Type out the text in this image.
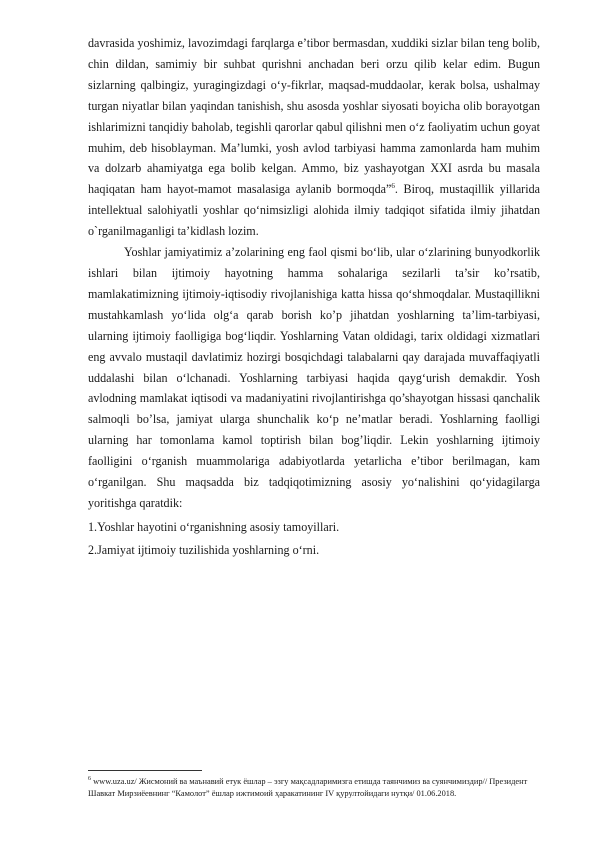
davrasida yoshimiz, lavozimdagi farqlarga e’tibor bermasdan, xuddiki sizlar bilan teng bolib, chin dildan, samimiy bir suhbat qurishni anchadan beri orzu qilib kelar edim. Bugun sizlarning qalbingiz, yuragingizdagi o‘y-fikrlar, maqsad-muddaolar, kerak bolsa, ushalmay turgan niyatlar bilan yaqindan tanishish, shu asosda yoshlar siyosati boyicha olib borayotgan ishlarimizni tanqidiy baholab, tegishli qarorlar qabul qilishni men o‘z faoliyatim uchun goyat muhim, deb hisoblayman. Ma’lumki, yosh avlod tarbiyasi hamma zamonlarda ham muhim va dolzarb ahamiyatga ega bolib kelgan. Ammo, biz yashayotgan XXI asrda bu masala haqiqatan ham hayot-mamot masalasiga aylanib bormoqda”$^6$. Biroq, mustaqillik yillarida intellektual salohiyatli yoshlar qo‘nimsizligi alohida ilmiy tadqiqot sifatida ilmiy jihatdan o`rganilmaganligi ta’kidlash lozim.

Yoshlar jamiyatimiz a’zolarining eng faol qismi bo‘lib, ular o‘zlarining bunyodkorlik ishlari bilan ijtimoiy hayotning hamma sohalariga sezilarli ta’sir ko’rsatib, mamlakatimizning ijtimoiy-iqtisodiy rivojlanishiga katta hissa qo‘shmoqdalar. Mustaqillikni mustahkamlash yo‘lida olg‘a qarab borish ko’p jihatdan yoshlarning ta’lim-tarbiyasi, ularning ijtimoiy faolligiga bog‘liqdir. Yoshlarning Vatan oldidagi, tarix oldidagi xizmatlari eng avvalo mustaqil davlatimiz hozirgi bosqichdagi talabalarni qay darajada muvaffaqiyatli uddalashi bilan o‘lchanadi. Yoshlarning tarbiyasi haqida qayg‘urish demakdir. Yosh avlodning mamlakat iqtisodi va madaniyatini rivojlantirishga qo’shayotgan hissasi qanchalik salmoqli bo’lsa, jamiyat ularga shunchalik ko‘p ne’matlar beradi. Yoshlarning faolligi ularning har tomonlama kamol toptirish bilan bog’liqdir. Lekin yoshlarning ijtimoiy faolligini o‘rganish muammolariga adabiyotlarda yetarlicha e’tibor berilmagan, kam o‘rganilgan. Shu maqsadda biz tadqiqotimizning asosiy yo‘nalishini qo‘yidagilarga yoritishga qaratdik:

1.Yoshlar hayotini o‘rganishning asosiy tamoyillari.

2.Jamiyat ijtimoiy tuzilishida yoshlarning o‘rni.

$^6$ www.uza.uz/ Жисмоний ва маънавий етук ёшлар – эзгу мақсадларимизга етишда таянчимиз ва суянчимиздир// Президент Шавкат Мирзиёевнинг “Камолот” ёшлар ижтимоий ҳаракатининг IV қурултойидаги нутқи/ 01.06.2018.
